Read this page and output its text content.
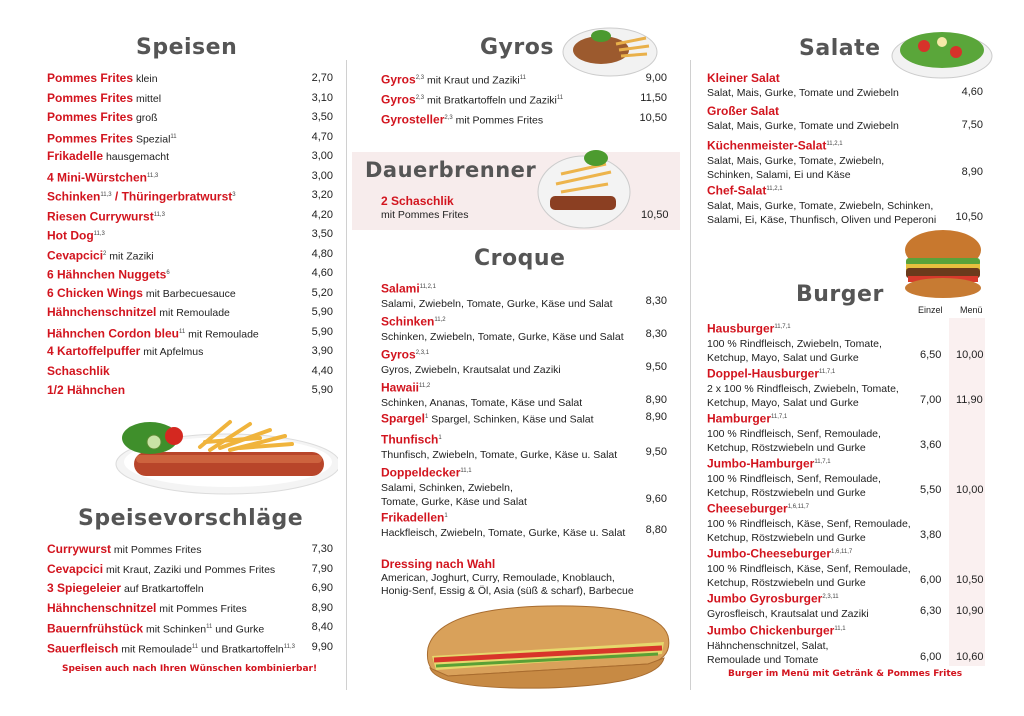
Speisen
Pommes Frites klein	2,70
Pommes Frites mittel	3,10
Pommes Frites groß	3,50
Pommes Frites Spezial$^{11}$	4,70
Frikadelle hausgemacht	3,00
4 Mini-Würstchen$^{11,3}$	3,00
Schinken$^{11,3}$ / Thüringerbratwurst$^3$	3,20
Riesen Currywurst$^{11,3}$	4,20
Hot Dog$^{11,3}$	3,50
Cevapcici$^2$ mit Zaziki	4,80
6 Hähnchen Nuggets$^6$	4,60
6 Chicken Wings mit Barbecuesauce	5,20
Hähnchenschnitzel mit Remoulade	5,90
Hähnchen Cordon bleu$^{11}$ mit Remoulade	5,90
4 Kartoffelpuffer mit Apfelmus	3,90
Schaschlik	4,40
1/2 Hähnchen	5,90
Speisevorschläge
Currywurst mit Pommes Frites	7,30
Cevapcici mit Kraut, Zaziki und Pommes Frites	7,90
3 Spiegeleier auf Bratkartoffeln	6,90
Hähnchenschnitzel mit Pommes Frites	8,90
Bauernfrühstück mit Schinken$^{11}$ und Gurke	8,40
Sauerfleisch mit Remoulade$^{11}$ und Bratkartoffeln$^{11,3}$ 9,90
Speisen auch nach Ihren Wünschen kombinierbar!
Gyros
Gyros$^{2,3}$ mit Kraut und Zaziki$^{11}$	9,00
Gyros$^{2,3}$ mit Bratkartoffeln und Zaziki$^{11}$	11,50
Gyrosteller$^{2,3}$ mit Pommes Frites	10,50
Dauerbrenner
2 Schaschlik
mit Pommes Frites	10,50
Croque
Salami$^{11,2,1}$
Salami, Zwiebeln, Tomate, Gurke, Käse und Salat	8,30
Schinken$^{11,2}$
Schinken, Zwiebeln, Tomate, Gurke, Käse und Salat	8,30
Gyros$^{2,3,1}$
Gyros, Zwiebeln, Krautsalat und Zaziki	9,50
Hawaii$^{11,2}$
Schinken, Ananas, Tomate, Käse und Salat	8,90
Spargel$^1$ Spargel, Schinken, Käse und Salat	8,90
Thunfisch$^1$
Thunfisch, Zwiebeln, Tomate, Gurke, Käse u. Salat	9,50
Doppeldecker$^{11,1}$
Salami, Schinken, Zwiebeln,
Tomate, Gurke, Käse und Salat	9,60
Frikadellen$^1$
Hackfleisch, Zwiebeln, Tomate, Gurke, Käse u. Salat	8,80
Dressing nach Wahl
American, Joghurt, Curry, Remoulade, Knoblauch,
Honig-Senf, Essig & Öl, Asia (süß & scharf), Barbecue
Salate
Kleiner Salat
Salat, Mais, Gurke, Tomate und Zwiebeln	4,60
Großer Salat
Salat, Mais, Gurke, Tomate und Zwiebeln	7,50
Küchenmeister-Salat$^{11,2,1}$
Salat, Mais, Gurke, Tomate, Zwiebeln,
Schinken, Salami, Ei und Käse	8,90
Chef-Salat$^{11,2,1}$
Salat, Mais, Gurke, Tomate, Zwiebeln, Schinken,
Salami, Ei, Käse, Thunfisch, Oliven und Peperoni	10,50
Burger
Einzel Menü
Hausburger$^{11,7,1}$
100 % Rindfleisch, Zwiebeln, Tomate,
Ketchup, Mayo, Salat und Gurke	6,50 10,00
Doppel-Hausburger$^{11,7,1}$
2 x 100 % Rindfleisch, Zwiebeln, Tomate,
Ketchup, Mayo, Salat und Gurke	7,00 11,90
Hamburger$^{11,7,1}$
100 % Rindfleisch, Senf, Remoulade,
Ketchup, Röstzwiebeln und Gurke	3,60
Jumbo-Hamburger$^{11,7,1}$
100 % Rindfleisch, Senf, Remoulade,
Ketchup, Röstzwiebeln und Gurke	5,50 10,00
Cheeseburger$^{1,6,11,7}$
100 % Rindfleisch, Käse, Senf, Remoulade,
Ketchup, Röstzwiebeln und Gurke	3,80
Jumbo-Cheeseburger$^{1,6,11,7}$
100 % Rindfleisch, Käse, Senf, Remoulade,
Ketchup, Röstzwiebeln und Gurke	6,00 10,50
Jumbo Gyrosburger$^{2,3,11}$
Gyrosfleisch, Krautsalat und Zaziki	6,30 10,90
Jumbo Chickenburger$^{11,1}$
Hähnchenschnitzel, Salat,
Remoulade und Tomate	6,00 10,60
Burger im Menü mit Getränk & Pommes Frites
